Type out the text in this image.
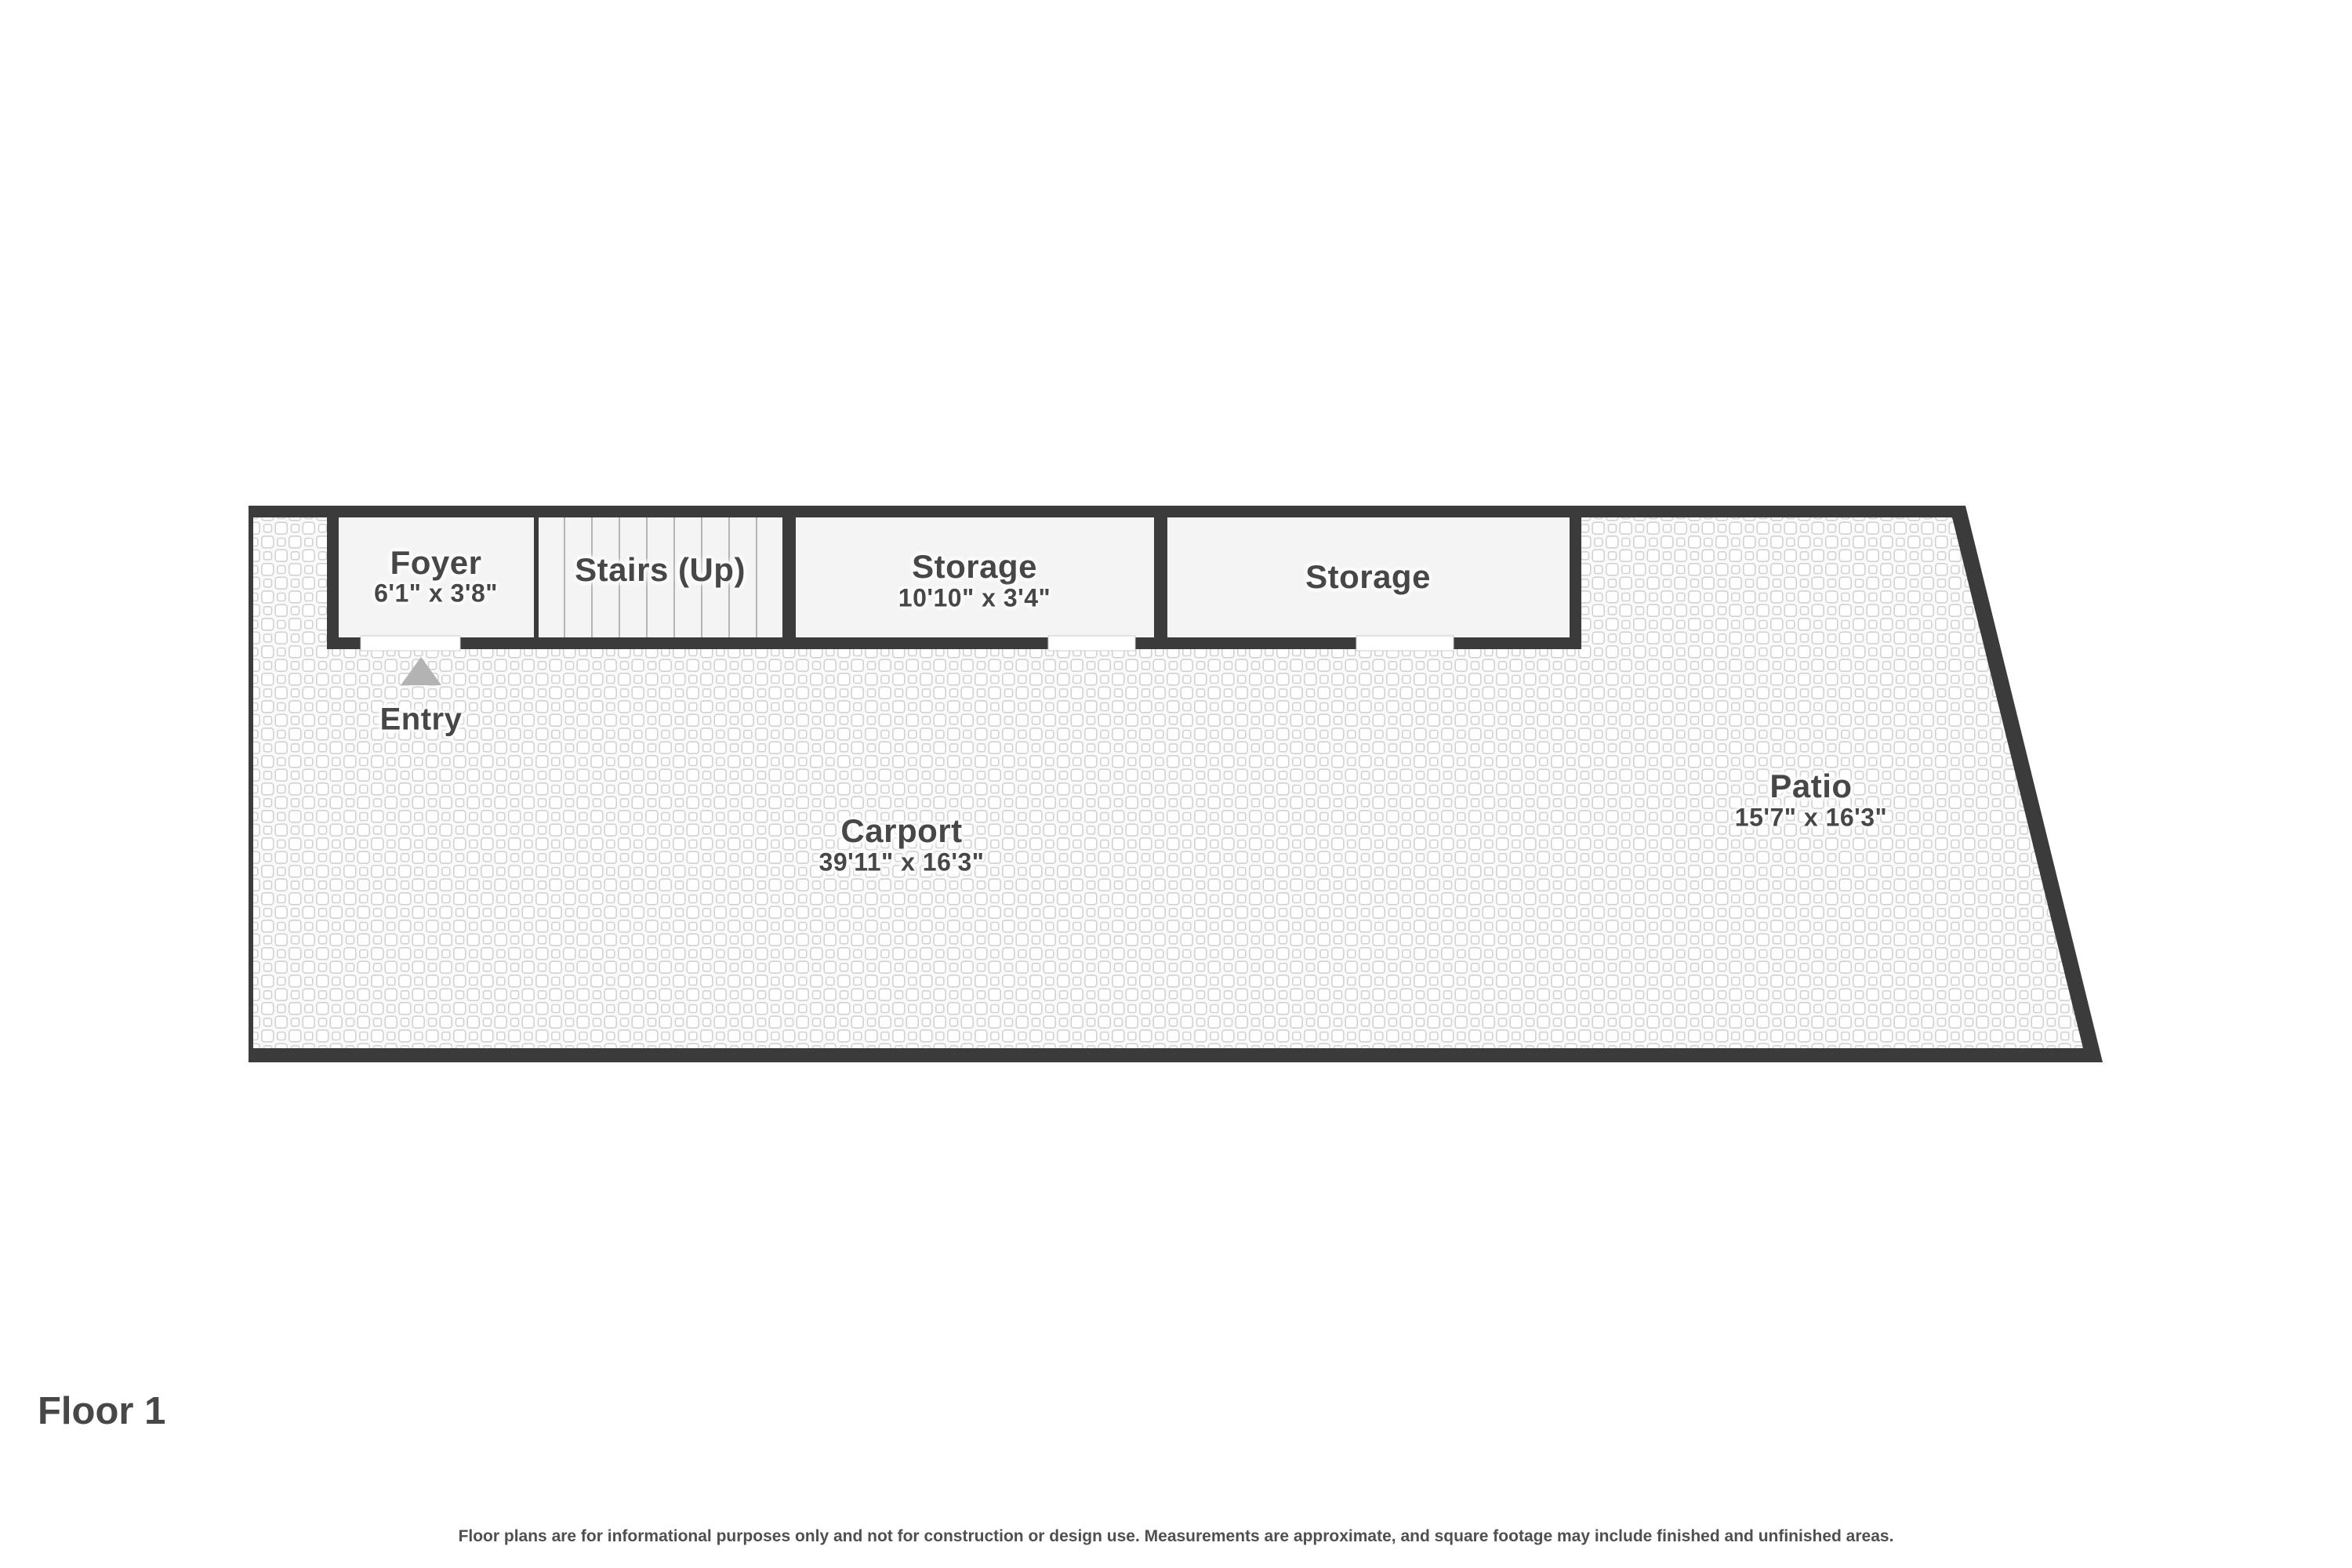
Foyer
6'1" x 3'8"
Stairs (Up)	Storage
10'10" x 3'4"
Storage
Carport
39'11" x 16'3"
Patio
15'7" x 16'3"
Entry
Floor 1
Floor plans are for informational purposes only and not for construction or design use. Measurements are approximate, and square footage may include finished and unfinished areas.
